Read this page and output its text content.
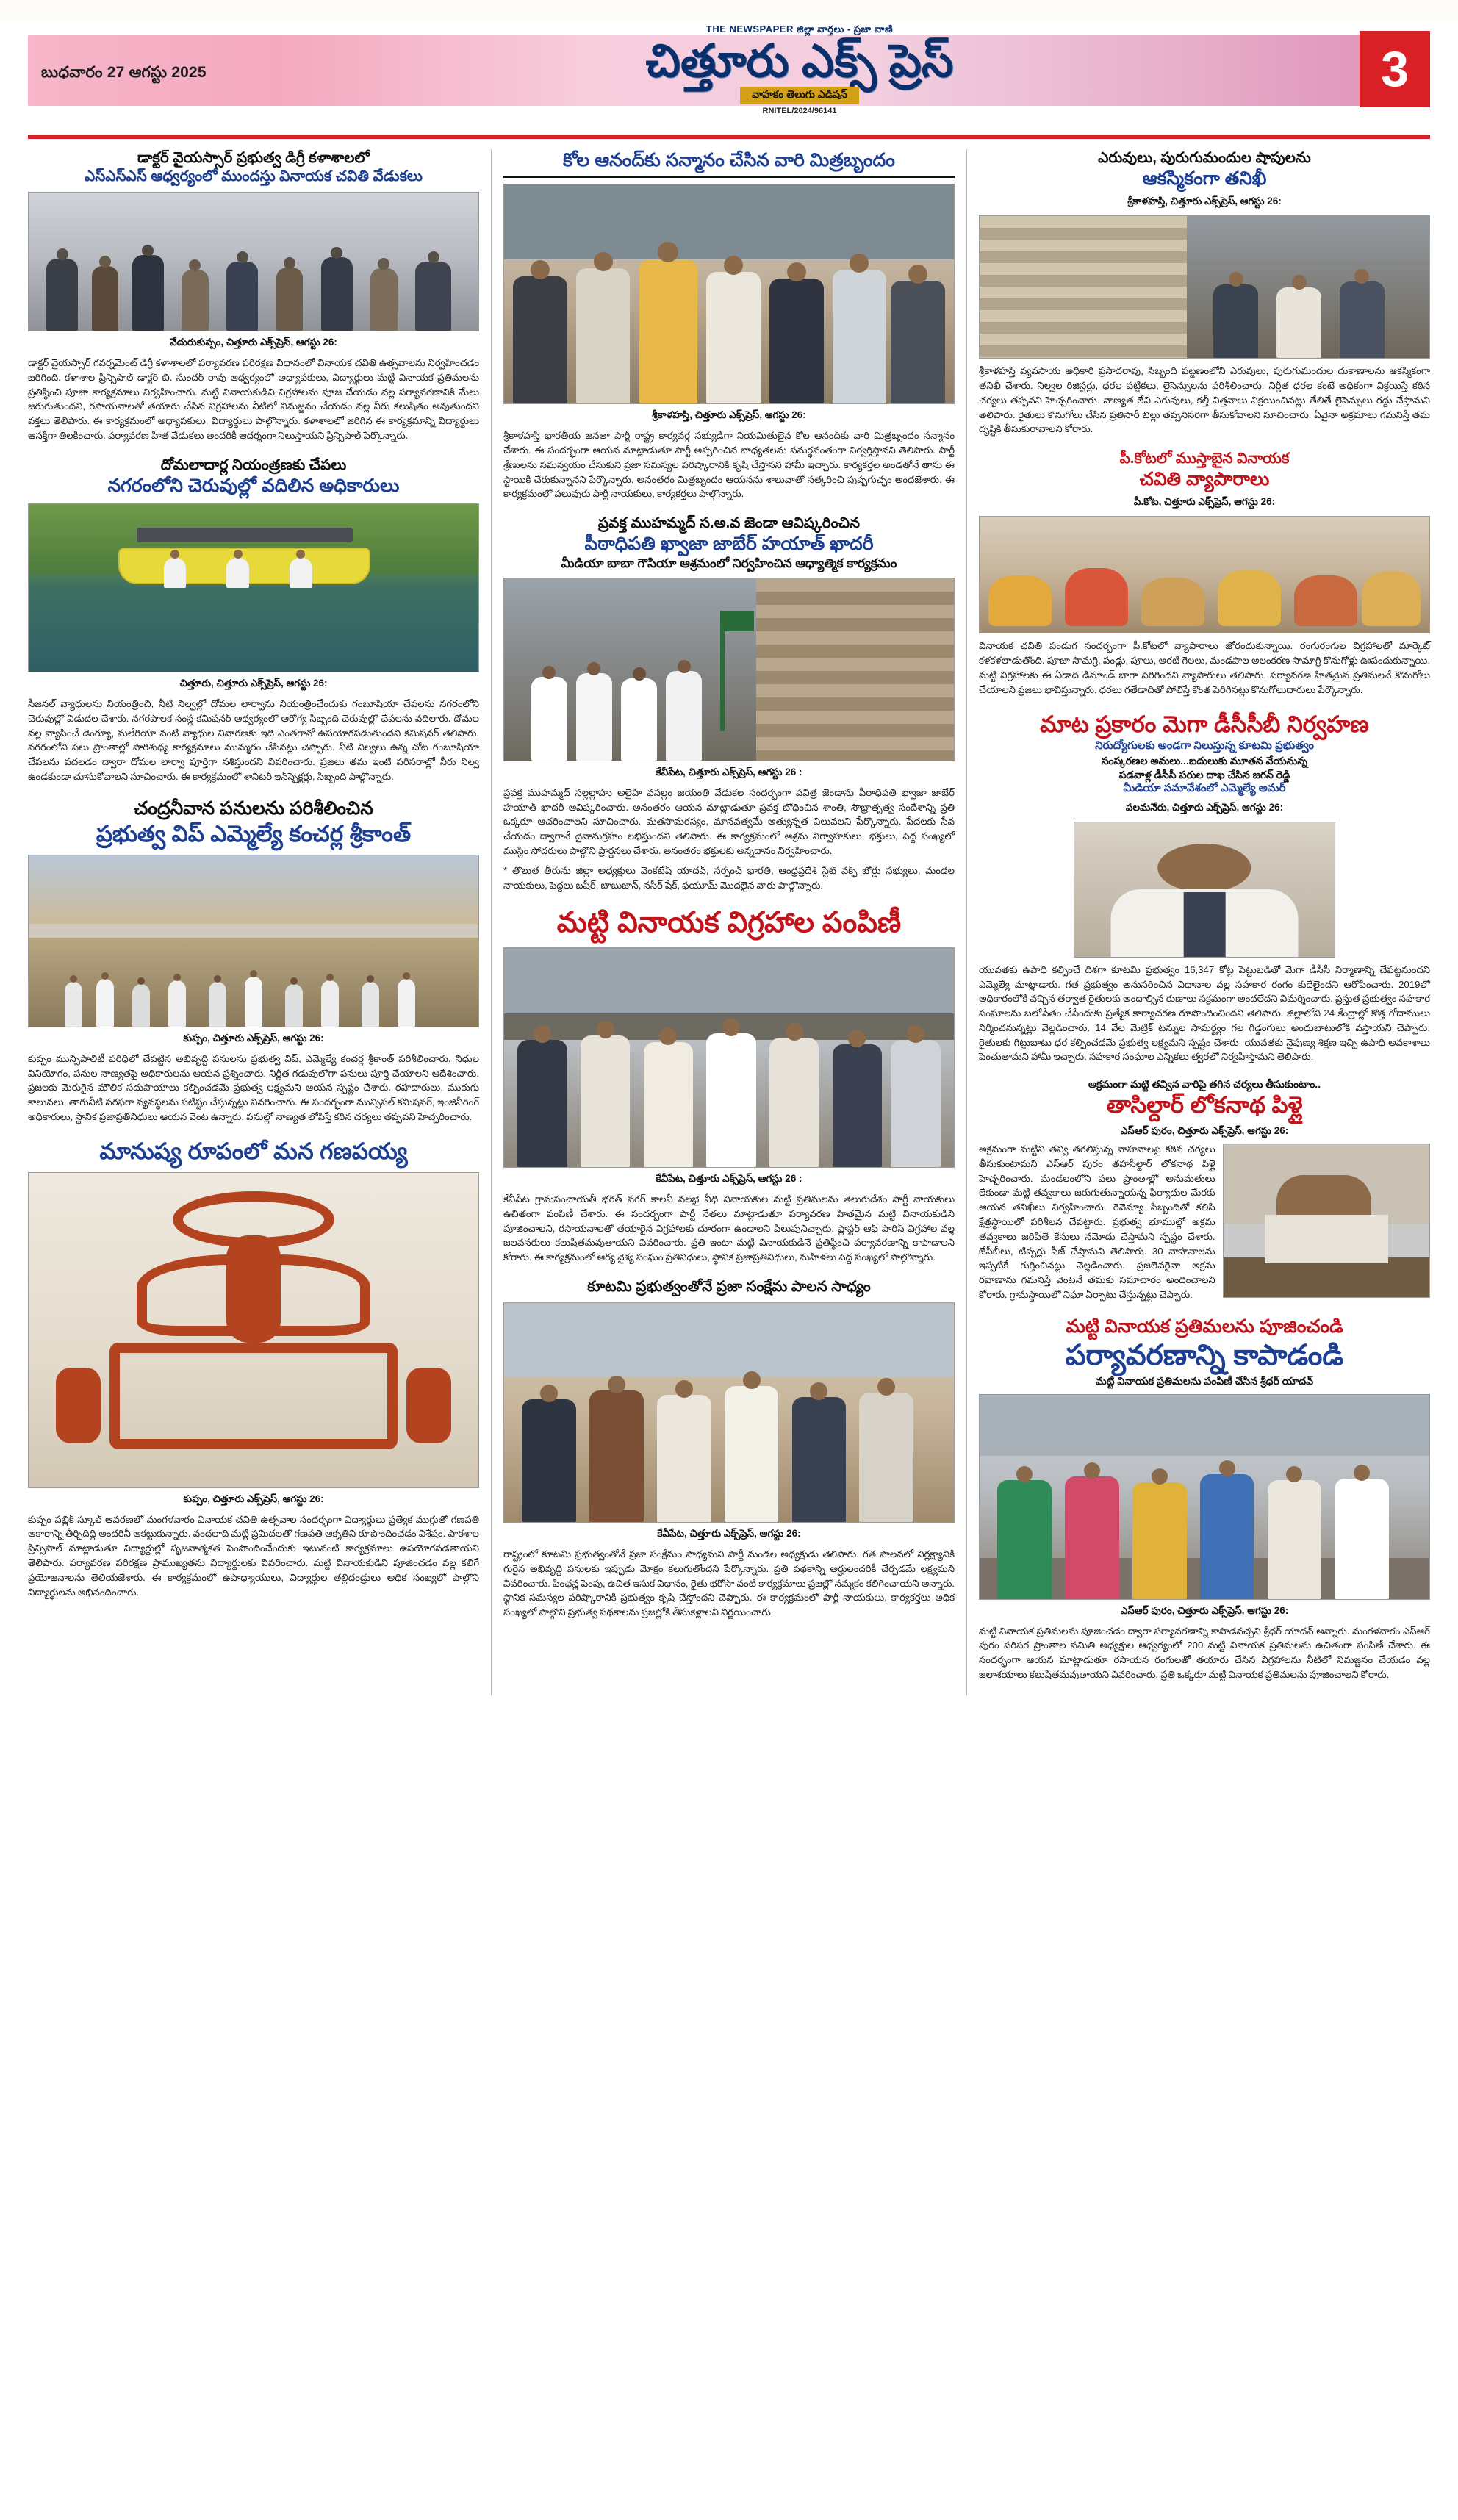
బుధవారం 27 ఆగస్టు 2025
THE NEWSPAPER జిల్లా వార్తలు - ప్రజా వాణి
చిత్తూరు ఎక్స్ ప్రెస్
వాహకం తెలుగు ఎడిషన్
RNITEL/2024/96141
3
డాక్టర్ వైయస్సార్ ప్రభుత్వ డిగ్రీ కళాశాలలో
ఎస్ఎస్ఎస్ ఆధ్వర్యంలో ముందస్తు వినాయక చవితి వేడుకలు
వేదురుకుప్పం, చిత్తూరు ఎక్స్‌ప్రెస్, ఆగస్టు 26:
డాక్టర్ వైయస్సార్ గవర్నమెంట్ డిగ్రీ కళాశాలలో పర్యావరణ పరిరక్షణ విధానంలో వినాయక చవితి ఉత్సవాలను నిర్వహించడం జరిగింది. కళాశాల ప్రిన్సిపాల్ డాక్టర్ బి. సుందర్ రావు ఆధ్వర్యంలో అధ్యాపకులు, విద్యార్థులు మట్టి వినాయక ప్రతిమలను ప్రతిష్ఠించి పూజా కార్యక్రమాలు నిర్వహించారు. మట్టి వినాయకుడిని విగ్రహాలను పూజ చేయడం వల్ల పర్యావరణానికి మేలు జరుగుతుందని, రసాయనాలతో తయారు చేసిన విగ్రహాలను నీటిలో నిమజ్జనం చేయడం వల్ల నీరు కలుషితం అవుతుందని వక్తలు తెలిపారు. ఈ కార్యక్రమంలో అధ్యాపకులు, విద్యార్థులు పాల్గొన్నారు. కళాశాలలో జరిగిన ఈ కార్యక్రమాన్ని విద్యార్థులు ఆసక్తిగా తిలకించారు. పర్యావరణ హిత వేడుకలు అందరికీ ఆదర్శంగా నిలుస్తాయని ప్రిన్సిపాల్ పేర్కొన్నారు.
దోమలాదార్ల నియంత్రణకు చేపలు
నగరంలోని చెరువుల్లో వదిలిన అధికారులు
చిత్తూరు, చిత్తూరు ఎక్స్‌ప్రెస్, ఆగస్టు 26:
సీజనల్ వ్యాధులను నియంత్రించి, నీటి నిల్వల్లో దోమల లార్వాను నియంత్రించేందుకు గంబూషియా చేపలను నగరంలోని చెరువుల్లో విడుదల చేశారు. నగరపాలక సంస్థ కమిషనర్ ఆధ్వర్యంలో ఆరోగ్య సిబ్బంది చెరువుల్లో చేపలను వదిలారు. దోమల వల్ల వ్యాపించే డెంగ్యూ, మలేరియా వంటి వ్యాధుల నివారణకు ఇది ఎంతగానో ఉపయోగపడుతుందని కమిషనర్ తెలిపారు. నగరంలోని పలు ప్రాంతాల్లో పారిశుధ్య కార్యక్రమాలు ముమ్మరం చేసినట్లు చెప్పారు. నీటి నిల్వలు ఉన్న చోట గంబూషియా చేపలను వదలడం ద్వారా దోమల లార్వా పూర్తిగా నశిస్తుందని వివరించారు. ప్రజలు తమ ఇంటి పరిసరాల్లో నీరు నిల్వ ఉండకుండా చూసుకోవాలని సూచించారు. ఈ కార్యక్రమంలో శానిటరీ ఇన్‌స్పెక్టర్లు, సిబ్బంది పాల్గొన్నారు.
చంద్రనీవాన పనులను పరిశీలించిన
ప్రభుత్వ విప్ ఎమ్మెల్యే కంచర్ల శ్రీకాంత్
కుప్పం, చిత్తూరు ఎక్స్‌ప్రెస్, ఆగస్టు 26:
కుప్పం మున్సిపాలిటీ పరిధిలో చేపట్టిన అభివృద్ధి పనులను ప్రభుత్వ విప్, ఎమ్మెల్యే కంచర్ల శ్రీకాంత్ పరిశీలించారు. నిధుల వినియోగం, పనుల నాణ్యతపై అధికారులను ఆయన ప్రశ్నించారు. నిర్ణీత గడువులోగా పనులు పూర్తి చేయాలని ఆదేశించారు. ప్రజలకు మెరుగైన మౌలిక సదుపాయాలు కల్పించడమే ప్రభుత్వ లక్ష్యమని ఆయన స్పష్టం చేశారు. రహదారులు, మురుగు కాలువలు, తాగునీటి సరఫరా వ్యవస్థలను పటిష్టం చేస్తున్నట్లు వివరించారు. ఈ సందర్భంగా మున్సిపల్ కమిషనర్, ఇంజినీరింగ్ అధికారులు, స్థానిక ప్రజాప్రతినిధులు ఆయన వెంట ఉన్నారు. పనుల్లో నాణ్యత లోపిస్తే కఠిన చర్యలు తప్పవని హెచ్చరించారు.
మానుష్య రూపంలో మన గణపయ్య
కుప్పం, చిత్తూరు ఎక్స్‌ప్రెస్, ఆగస్టు 26:
కుప్పం పబ్లిక్ స్కూల్ ఆవరణలో మంగళవారం వినాయక చవితి ఉత్సవాల సందర్భంగా విద్యార్థులు ప్రత్యేక ముగ్గుతో గణపతి ఆకారాన్ని తీర్చిదిద్ది అందరినీ ఆకట్టుకున్నారు. వందలాది మట్టి ప్రమిదలతో గణపతి ఆకృతిని రూపొందించడం విశేషం. పాఠశాల ప్రిన్సిపాల్ మాట్లాడుతూ విద్యార్థుల్లో సృజనాత్మకత పెంపొందించేందుకు ఇటువంటి కార్యక్రమాలు ఉపయోగపడతాయని తెలిపారు. పర్యావరణ పరిరక్షణ ప్రాముఖ్యతను విద్యార్థులకు వివరించారు. మట్టి వినాయకుడిని పూజించడం వల్ల కలిగే ప్రయోజనాలను తెలియజేశారు. ఈ కార్యక్రమంలో ఉపాధ్యాయులు, విద్యార్థుల తల్లిదండ్రులు అధిక సంఖ్యలో పాల్గొని విద్యార్థులను అభినందించారు.
కోల ఆనంద్‌కు సన్మానం చేసిన వారి మిత్రబృందం
శ్రీకాళహస్తి, చిత్తూరు ఎక్స్‌ప్రెస్, ఆగస్టు 26:
శ్రీకాళహస్తి భారతీయ జనతా పార్టీ రాష్ట్ర కార్యవర్గ సభ్యుడిగా నియమితులైన కోల ఆనంద్‌కు వారి మిత్రబృందం సన్మానం చేశారు. ఈ సందర్భంగా ఆయన మాట్లాడుతూ పార్టీ అప్పగించిన బాధ్యతలను సమర్థవంతంగా నిర్వర్తిస్తానని తెలిపారు. పార్టీ శ్రేణులను సమన్వయం చేసుకుని ప్రజా సమస్యల పరిష్కారానికి కృషి చేస్తానని హామీ ఇచ్చారు. కార్యకర్తల అండతోనే తాను ఈ స్థాయికి చేరుకున్నానని పేర్కొన్నారు. అనంతరం మిత్రబృందం ఆయనను శాలువాతో సత్కరించి పుష్పగుచ్ఛం అందజేశారు. ఈ కార్యక్రమంలో పలువురు పార్టీ నాయకులు, కార్యకర్తలు పాల్గొన్నారు.
ప్రవక్త ముహమ్మద్ స.అ.వ జెండా ఆవిష్కరించిన
పీఠాధిపతి ఖ్వాజా జాబేర్ హయాత్ ఖాదరీ
మీడియా బాబా గౌసియా ఆశ్రమంలో నిర్వహించిన ఆధ్యాత్మిక కార్యక్రమం
కేవీపేట, చిత్తూరు ఎక్స్‌ప్రెస్, ఆగస్టు 26 :
ప్రవక్త ముహమ్మద్ సల్లల్లాహు అలైహి వసల్లం జయంతి వేడుకల సందర్భంగా పవిత్ర జెండాను పీఠాధిపతి ఖ్వాజా జాబేర్ హయాత్ ఖాదరీ ఆవిష్కరించారు. అనంతరం ఆయన మాట్లాడుతూ ప్రవక్త బోధించిన శాంతి, సౌభ్రాతృత్వ సందేశాన్ని ప్రతి ఒక్కరూ ఆచరించాలని సూచించారు. మతసామరస్యం, మానవత్వమే అత్యున్నత విలువలని పేర్కొన్నారు. పేదలకు సేవ చేయడం ద్వారానే దైవానుగ్రహం లభిస్తుందని తెలిపారు. ఈ కార్యక్రమంలో ఆశ్రమ నిర్వాహకులు, భక్తులు, పెద్ద సంఖ్యలో ముస్లిం సోదరులు పాల్గొని ప్రార్థనలు చేశారు. అనంతరం భక్తులకు అన్నదానం నిర్వహించారు.
* తొలుత తీరును జిల్లా అధ్యక్షులు వెంకటేష్ యాదవ్, సర్పంచ్ భారతి, ఆంధ్రప్రదేశ్ స్టేట్ వక్ఫ్ బోర్డు సభ్యులు, మండల నాయకులు, పెద్దలు బషీర్, బాబుజాన్, నసీర్ షేక్, ఫయూమ్ మొదలైన వారు పాల్గొన్నారు.
మట్టి వినాయక విగ్రహాల పంపిణీ
కేవీపేట, చిత్తూరు ఎక్స్‌ప్రెస్, ఆగస్టు 26 :
కేవీపేట గ్రామపంచాయతీ భరత్ నగర్ కాలనీ నలభై వీధి వినాయకుల మట్టి ప్రతిమలను తెలుగుదేశం పార్టీ నాయకులు ఉచితంగా పంపిణీ చేశారు. ఈ సందర్భంగా పార్టీ నేతలు మాట్లాడుతూ పర్యావరణ హితమైన మట్టి వినాయకుడిని పూజించాలని, రసాయనాలతో తయారైన విగ్రహాలకు దూరంగా ఉండాలని పిలుపునిచ్చారు. ప్లాస్టర్ ఆఫ్ పారిస్ విగ్రహాల వల్ల జలవనరులు కలుషితమవుతాయని వివరించారు. ప్రతి ఇంటా మట్టి వినాయకుడినే ప్రతిష్ఠించి పర్యావరణాన్ని కాపాడాలని కోరారు. ఈ కార్యక్రమంలో ఆర్య వైశ్య సంఘం ప్రతినిధులు, స్థానిక ప్రజాప్రతినిధులు, మహిళలు పెద్ద సంఖ్యలో పాల్గొన్నారు.
కూటమి ప్రభుత్వంతోనే ప్రజా సంక్షేమ పాలన సాధ్యం
కేవీపేట, చిత్తూరు ఎక్స్‌ప్రెస్, ఆగస్టు 26:
రాష్ట్రంలో కూటమి ప్రభుత్వంతోనే ప్రజా సంక్షేమం సాధ్యమని పార్టీ మండల అధ్యక్షుడు తెలిపారు. గత పాలనలో నిర్లక్ష్యానికి గురైన అభివృద్ధి పనులకు ఇప్పుడు మోక్షం కలుగుతోందని పేర్కొన్నారు. ప్రతి పథకాన్ని అర్హులందరికీ చేర్చడమే లక్ష్యమని వివరించారు. పింఛన్ల పెంపు, ఉచిత ఇసుక విధానం, రైతు భరోసా వంటి కార్యక్రమాలు ప్రజల్లో నమ్మకం కలిగించాయని అన్నారు. స్థానిక సమస్యల పరిష్కారానికి ప్రభుత్వం కృషి చేస్తోందని చెప్పారు. ఈ కార్యక్రమంలో పార్టీ నాయకులు, కార్యకర్తలు అధిక సంఖ్యలో పాల్గొని ప్రభుత్వ పథకాలను ప్రజల్లోకి తీసుకెళ్లాలని నిర్ణయించారు.
ఎరువులు, పురుగుమందుల షాపులను
ఆకస్మికంగా తనిఖీ
శ్రీకాళహస్తి, చిత్తూరు ఎక్స్‌ప్రెస్, ఆగస్టు 26:
శ్రీకాళహస్తి వ్యవసాయ అధికారి ప్రసాదరావు, సిబ్బంది పట్టణంలోని ఎరువులు, పురుగుమందుల దుకాణాలను ఆకస్మికంగా తనిఖీ చేశారు. నిల్వల రిజిస్టర్లు, ధరల పట్టికలు, లైసెన్సులను పరిశీలించారు. నిర్ణీత ధరల కంటే అధికంగా విక్రయిస్తే కఠిన చర్యలు తప్పవని హెచ్చరించారు. నాణ్యత లేని ఎరువులు, కల్తీ విత్తనాలు విక్రయించినట్లు తేలితే లైసెన్సులు రద్దు చేస్తామని తెలిపారు. రైతులు కొనుగోలు చేసిన ప్రతిసారీ బిల్లు తప్పనిసరిగా తీసుకోవాలని సూచించారు. ఏవైనా అక్రమాలు గమనిస్తే తమ దృష్టికి తీసుకురావాలని కోరారు.
పీ.కోటలో ముస్తాబైన వినాయక
చవితి వ్యాపారాలు
పీ.కోట, చిత్తూరు ఎక్స్‌ప్రెస్, ఆగస్టు 26:
వినాయక చవితి పండుగ సందర్భంగా పీ.కోటలో వ్యాపారాలు జోరందుకున్నాయి. రంగురంగుల విగ్రహాలతో మార్కెట్ కళకళలాడుతోంది. పూజా సామగ్రి, పండ్లు, పూలు, అరటి గెలలు, మండపాల అలంకరణ సామాగ్రి కొనుగోళ్లు ఊపందుకున్నాయి. మట్టి విగ్రహాలకు ఈ ఏడాది డిమాండ్ బాగా పెరిగిందని వ్యాపారులు తెలిపారు. పర్యావరణ హితమైన ప్రతిమలనే కొనుగోలు చేయాలని ప్రజలు భావిస్తున్నారు. ధరలు గతేడాదితో పోలిస్తే కొంత పెరిగినట్లు కొనుగోలుదారులు పేర్కొన్నారు.
మాట ప్రకారం మెగా డీసీసీబీ నిర్వహణ
నిరుద్యోగులకు అండగా నిలుస్తున్న కూటమి ప్రభుత్వం
సంస్కరణల అమలు...బదులుకు మూతన వేయనున్న
పడవాళ్ల డీసీసీ పరుల దాఖ చేసిన జగన్ రెడ్డి
మీడియా సమావేశంలో ఎమ్మెల్యే అమర్
పలమనేరు, చిత్తూరు ఎక్స్‌ప్రెస్, ఆగస్టు 26:
యువతకు ఉపాధి కల్పించే దిశగా కూటమి ప్రభుత్వం 16,347 కోట్ల పెట్టుబడితో మెగా డీసీసీ నిర్మాణాన్ని చేపట్టనుందని ఎమ్మెల్యే మాట్లాడారు. గత ప్రభుత్వం అనుసరించిన విధానాల వల్ల సహకార రంగం కుదేలైందని ఆరోపించారు. 2019లో అధికారంలోకి వచ్చిన తర్వాత రైతులకు అందాల్సిన రుణాలు సక్రమంగా అందలేదని విమర్శించారు. ప్రస్తుత ప్రభుత్వం సహకార సంఘాలను బలోపేతం చేసేందుకు ప్రత్యేక కార్యాచరణ రూపొందించిందని తెలిపారు. జిల్లాలోని 24 కేంద్రాల్లో కొత్త గోదాములు నిర్మించనున్నట్లు వెల్లడించారు. 14 వేల మెట్రిక్ టన్నుల సామర్థ్యం గల గిడ్డంగులు అందుబాటులోకి వస్తాయని చెప్పారు. రైతులకు గిట్టుబాటు ధర కల్పించడమే ప్రభుత్వ లక్ష్యమని స్పష్టం చేశారు. యువతకు నైపుణ్య శిక్షణ ఇచ్చి ఉపాధి అవకాశాలు పెంచుతామని హామీ ఇచ్చారు. సహకార సంఘాల ఎన్నికలు త్వరలో నిర్వహిస్తామని తెలిపారు.
అక్రమంగా మట్టి తవ్విన వారిపై తగిన చర్యలు తీసుకుంటాం..
తాసిల్దార్ లోకనాథ పిళ్లై
ఎస్ఆర్ పురం, చిత్తూరు ఎక్స్‌ప్రెస్, ఆగస్టు 26:
అక్రమంగా మట్టిని తవ్వి తరలిస్తున్న వాహనాలపై కఠిన చర్యలు తీసుకుంటామని ఎస్ఆర్ పురం తహసీల్దార్ లోకనాథ పిళ్లై హెచ్చరించారు. మండలంలోని పలు ప్రాంతాల్లో అనుమతులు లేకుండా మట్టి తవ్వకాలు జరుగుతున్నాయన్న ఫిర్యాదుల మేరకు ఆయన తనిఖీలు నిర్వహించారు. రెవెన్యూ సిబ్బందితో కలిసి క్షేత్రస్థాయిలో పరిశీలన చేపట్టారు. ప్రభుత్వ భూముల్లో అక్రమ తవ్వకాలు జరిపితే కేసులు నమోదు చేస్తామని స్పష్టం చేశారు. జేసీబీలు, టిప్పర్లు సీజ్ చేస్తామని తెలిపారు. 30 వాహనాలను ఇప్పటికే గుర్తించినట్లు వెల్లడించారు. ప్రజలెవరైనా అక్రమ రవాణాను గమనిస్తే వెంటనే తమకు సమాచారం అందించాలని కోరారు. గ్రామస్థాయిలో నిఘా ఏర్పాటు చేస్తున్నట్లు చెప్పారు.
మట్టి వినాయక ప్రతిమలను పూజించండి
పర్యావరణాన్ని కాపాడండి
మట్టి వినాయక ప్రతిమలను పంపిణీ చేసిన శ్రీధర్ యాదవ్
ఎస్ఆర్ పురం, చిత్తూరు ఎక్స్‌ప్రెస్, ఆగస్టు 26:
మట్టి వినాయక ప్రతిమలను పూజించడం ద్వారా పర్యావరణాన్ని కాపాడవచ్చని శ్రీధర్ యాదవ్ అన్నారు. మంగళవారం ఎస్ఆర్ పురం పరిసర ప్రాంతాల సమితి అధ్యక్షుల ఆధ్వర్యంలో 200 మట్టి వినాయక ప్రతిమలను ఉచితంగా పంపిణీ చేశారు. ఈ సందర్భంగా ఆయన మాట్లాడుతూ రసాయన రంగులతో తయారు చేసిన విగ్రహాలను నీటిలో నిమజ్జనం చేయడం వల్ల జలాశయాలు కలుషితమవుతాయని వివరించారు. ప్రతి ఒక్కరూ మట్టి వినాయక ప్రతిమలను పూజించాలని కోరారు.
